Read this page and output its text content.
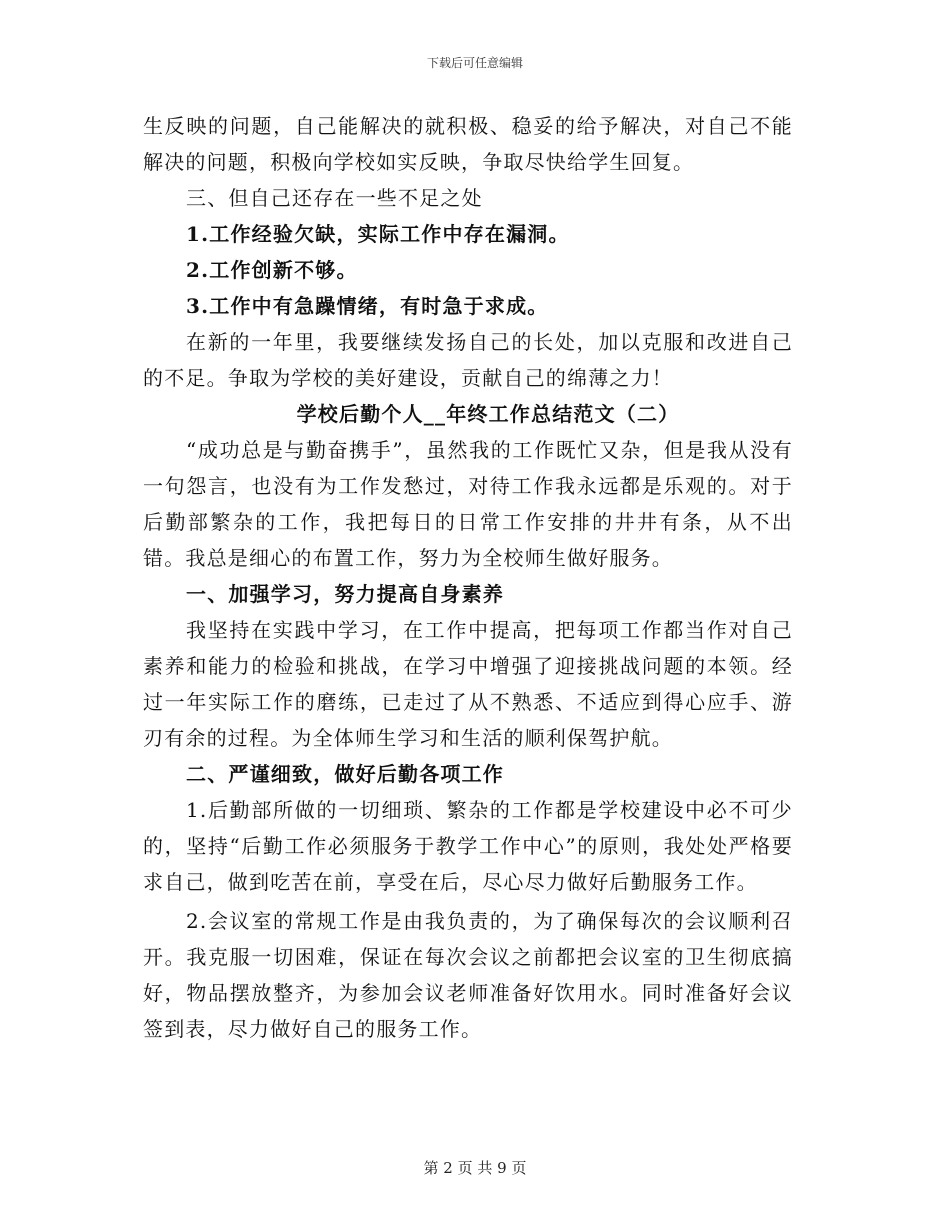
下载后可任意编辑

生反映的问题，自己能解决的就积极、稳妥的给予解决，对自己不能解决的问题，积极向学校如实反映，争取尽快给学生回复。

三、但自己还存在一些不足之处

1.工作经验欠缺，实际工作中存在漏洞。

2.工作创新不够。

3.工作中有急躁情绪，有时急于求成。

在新的一年里，我要继续发扬自己的长处，加以克服和改进自己的不足。争取为学校的美好建设，贡献自己的绵薄之力！

学校后勤个人__年终工作总结范文（二）

“成功总是与勤奋携手”，虽然我的工作既忙又杂，但是我从没有一句怨言，也没有为工作发愁过，对待工作我永远都是乐观的。对于后勤部繁杂的工作，我把每日的日常工作安排的井井有条，从不出错。我总是细心的布置工作，努力为全校师生做好服务。

一、加强学习，努力提高自身素养

我坚持在实践中学习，在工作中提高，把每项工作都当作对自己素养和能力的检验和挑战，在学习中增强了迎接挑战问题的本领。经过一年实际工作的磨练，已走过了从不熟悉、不适应到得心应手、游刃有余的过程。为全体师生学习和生活的顺利保驾护航。

二、严谨细致，做好后勤各项工作

1.后勤部所做的一切细琐、繁杂的工作都是学校建设中必不可少的，坚持“后勤工作必须服务于教学工作中心”的原则，我处处严格要求自己，做到吃苦在前，享受在后，尽心尽力做好后勤服务工作。

2.会议室的常规工作是由我负责的，为了确保每次的会议顺利召开。我克服一切困难，保证在每次会议之前都把会议室的卫生彻底搞好，物品摆放整齐，为参加会议老师准备好饮用水。同时准备好会议签到表，尽力做好自己的服务工作。

第 2 页 共 9 页
